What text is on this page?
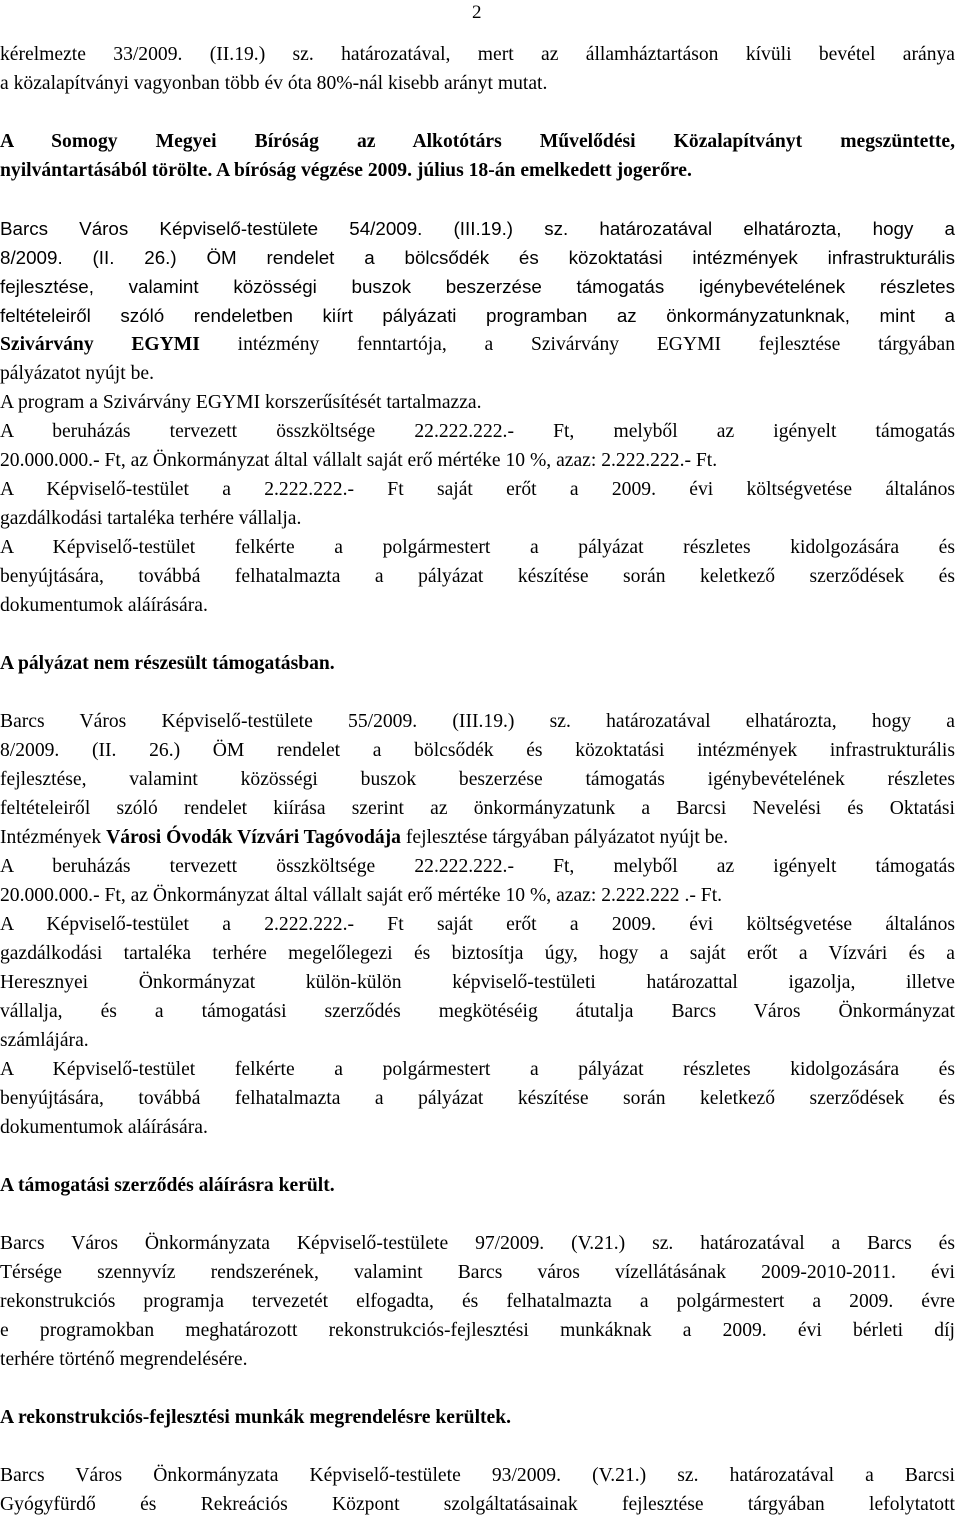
2

kérelmezte 33/2009. (II.19.) sz. határozatával, mert az államháztartáson kívüli bevétel aránya

a közalapítványi vagyonban több év óta 80%-nál kisebb arányt mutat.

A Somogy Megyei Bíróság az Alkotótárs Művelődési Közalapítványt megszüntette,

nyilvántartásából törölte. A bíróság végzése 2009. július 18-án emelkedett jogerőre.

Barcs Város Képviselő-testülete 54/2009. (III.19.) sz. határozatával elhatározta, hogy a

8/2009. (II. 26.) ÖM rendelet a bölcsődék és közoktatási intézmények infrastrukturális

fejlesztése, valamint közösségi buszok beszerzése támogatás igénybevételének részletes

feltételeiről szóló rendeletben kiírt pályázati programban az önkormányzatunknak, mint a

Szivárvány EGYMI intézmény fenntartója, a Szivárvány EGYMI fejlesztése tárgyában

pályázatot nyújt be.

A program a Szivárvány EGYMI korszerűsítését tartalmazza.

A beruházás tervezett összköltsége 22.222.222.- Ft, melyből az igényelt támogatás

20.000.000.- Ft, az Önkormányzat által vállalt saját erő mértéke 10 %, azaz: 2.222.222.- Ft.

A Képviselő-testület a 2.222.222.- Ft saját erőt a 2009. évi költségvetése általános

gazdálkodási tartaléka terhére vállalja.

A Képviselő-testület felkérte a polgármestert a pályázat részletes kidolgozására és

benyújtására, továbbá felhatalmazta a pályázat készítése során keletkező szerződések és

dokumentumok aláírására.

A pályázat nem részesült támogatásban.

Barcs Város Képviselő-testülete 55/2009. (III.19.) sz. határozatával elhatározta, hogy a

8/2009. (II. 26.) ÖM rendelet a bölcsődék és közoktatási intézmények infrastrukturális

fejlesztése, valamint közösségi buszok beszerzése támogatás igénybevételének részletes

feltételeiről szóló rendelet kiírása szerint az önkormányzatunk a Barcsi Nevelési és Oktatási

Intézmények Városi Óvodák Vízvári Tagóvodája fejlesztése tárgyában pályázatot nyújt be.

A beruházás tervezett összköltsége 22.222.222.- Ft, melyből az igényelt támogatás

20.000.000.- Ft, az Önkormányzat által vállalt saját erő mértéke 10 %, azaz: 2.222.222 .- Ft.

A Képviselő-testület a 2.222.222.- Ft saját erőt a 2009. évi költségvetése általános

gazdálkodási tartaléka terhére megelőlegezi és biztosítja úgy, hogy a saját erőt a Vízvári és a

Heresznyei Önkormányzat külön-külön képviselő-testületi határozattal igazolja, illetve

vállalja, és a támogatási szerződés megkötéséig átutalja Barcs Város Önkormányzat

számlájára.

A Képviselő-testület felkérte a polgármestert a pályázat részletes kidolgozására és

benyújtására, továbbá felhatalmazta a pályázat készítése során keletkező szerződések és

dokumentumok aláírására.

A támogatási szerződés aláírásra került.

Barcs Város Önkormányzata Képviselő-testülete 97/2009. (V.21.) sz. határozatával a Barcs és

Térsége szennyvíz rendszerének, valamint Barcs város vízellátásának 2009-2010-2011. évi

rekonstrukciós programja tervezetét elfogadta, és felhatalmazta a polgármestert a 2009. évre

e programokban meghatározott rekonstrukciós-fejlesztési munkáknak a 2009. évi bérleti díj

terhére történő megrendelésére.

A rekonstrukciós-fejlesztési munkák megrendelésre kerültek.

Barcs Város Önkormányzata Képviselő-testülete 93/2009. (V.21.) sz. határozatával a Barcsi

Gyógyfürdő és Rekreációs Központ szolgáltatásainak fejlesztése tárgyában lefolytatott
